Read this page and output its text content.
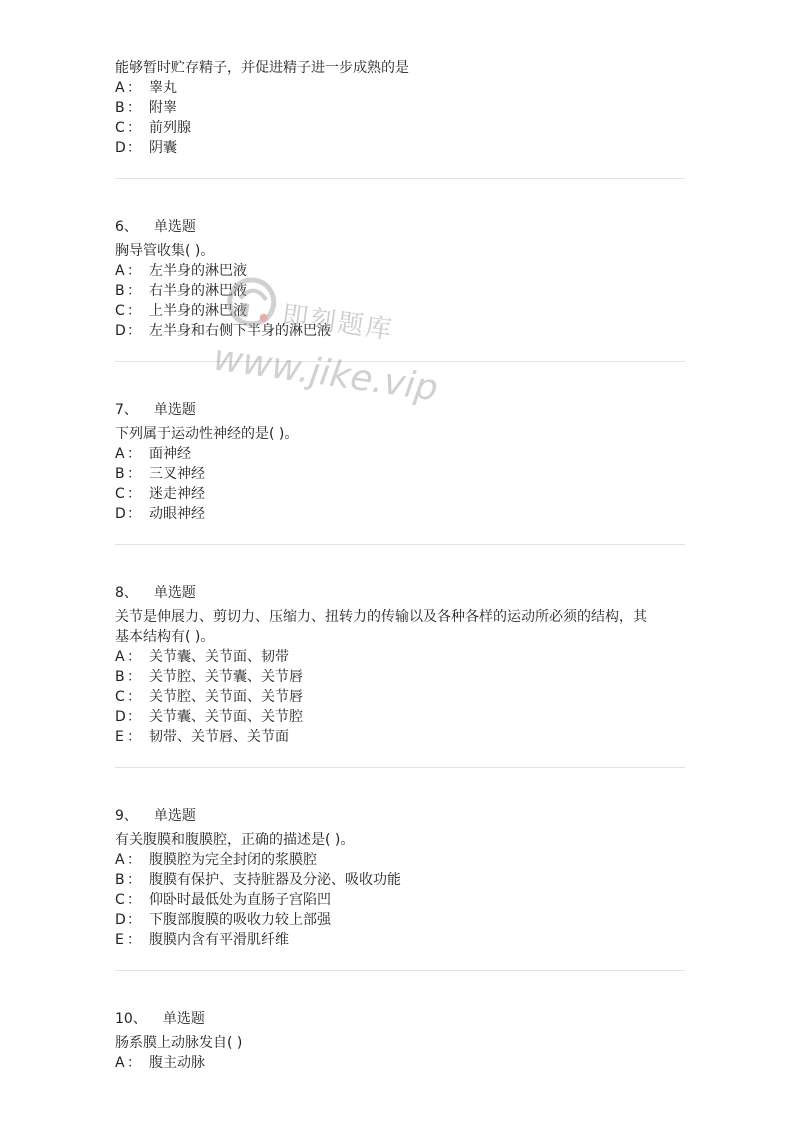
能够暂时贮存精子，并促进精子进一步成熟的是
A ： 睾丸
B ： 附睾
C ： 前列腺
D： 阴囊
6、 单选题
胸导管收集( )。
A ： 左半身的淋巴液
B ： 右半身的淋巴液
C ： 上半身的淋巴液
D： 左半身和右侧下半身的淋巴液
7、 单选题
下列属于运动性神经的是( )。
A ： 面神经
B ： 三叉神经
C ： 迷走神经
D： 动眼神经
8、 单选题
关节是伸展力、剪切力、压缩力、扭转力的传输以及各种各样的运动所必须的结构，其
基本结构有( )。
A ： 关节囊、关节面、韧带
B ： 关节腔、关节囊、关节唇
C ： 关节腔、关节面、关节唇
D： 关节囊、关节面、关节腔
E ： 韧带、关节唇、关节面
9、 单选题
有关腹膜和腹膜腔，正确的描述是( )。
A ： 腹膜腔为完全封闭的浆膜腔
B ： 腹膜有保护、支持脏器及分泌、吸收功能
C ： 仰卧时最低处为直肠子宫陷凹
D： 下腹部腹膜的吸收力较上部强
E ： 腹膜内含有平滑肌纤维
10、 单选题
肠系膜上动脉发自( )
A ： 腹主动脉
即刻题库
www.jike.vip
